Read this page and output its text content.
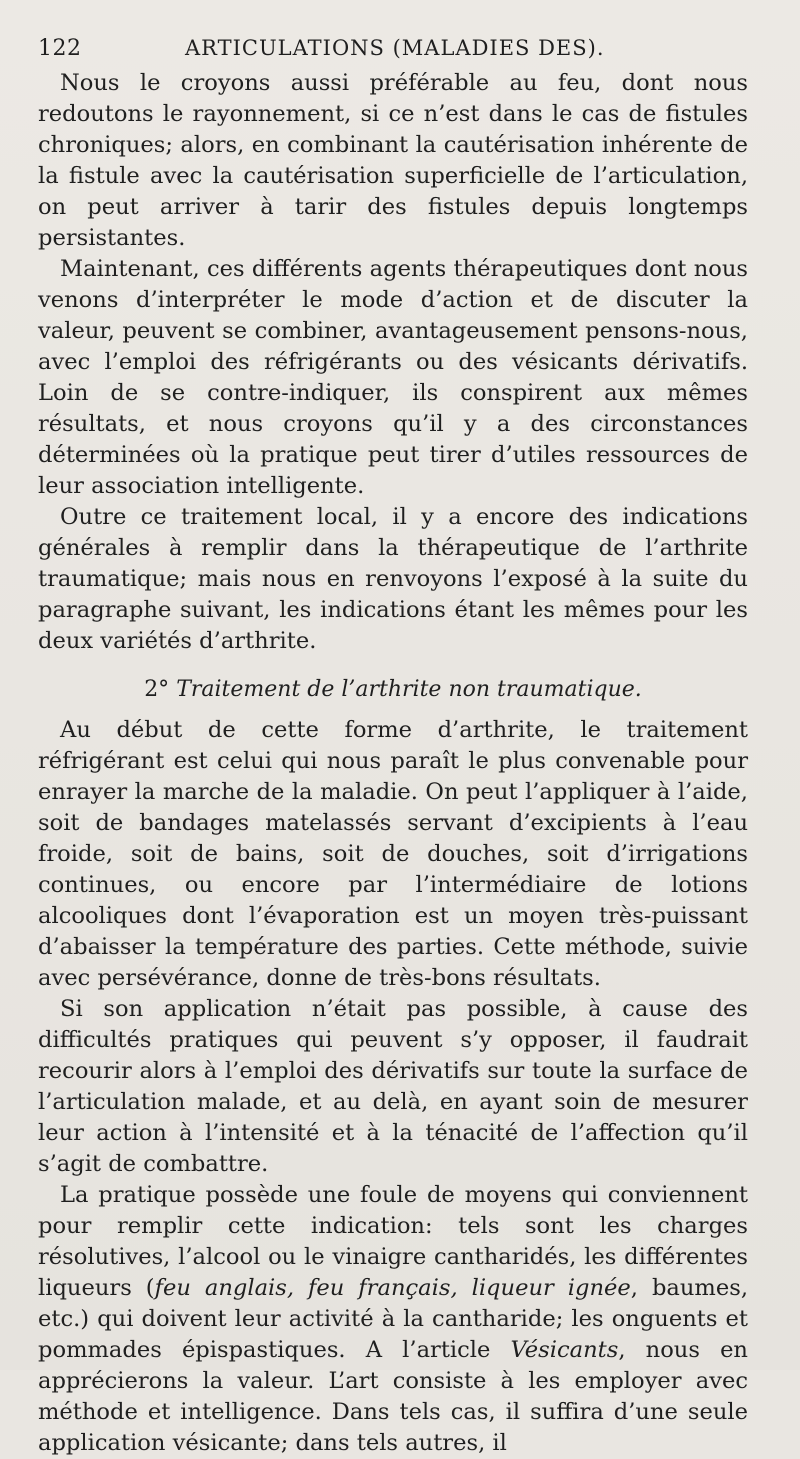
122	ARTICULATIONS (MALADIES DES).

Nous le croyons aussi préférable au feu, dont nous redoutons le rayonnement, si ce n’est dans le cas de fistules chroniques; alors, en combinant la cautérisation inhérente de la fistule avec la cautérisation superficielle de l’articulation, on peut arriver à tarir des fistules depuis longtemps persistantes.

Maintenant, ces différents agents thérapeutiques dont nous venons d’interpréter le mode d’action et de discuter la valeur, peuvent se combiner, avantageusement pensons-nous, avec l’emploi des réfrigérants ou des vésicants dérivatifs. Loin de se contre-indiquer, ils conspirent aux mêmes résultats, et nous croyons qu’il y a des circonstances déterminées où la pratique peut tirer d’utiles ressources de leur association intelligente.

Outre ce traitement local, il y a encore des indications générales à remplir dans la thérapeutique de l’arthrite traumatique; mais nous en renvoyons l’exposé à la suite du paragraphe suivant, les indications étant les mêmes pour les deux variétés d’arthrite.

2° Traitement de l’arthrite non traumatique.

Au début de cette forme d’arthrite, le traitement réfrigérant est celui qui nous paraît le plus convenable pour enrayer la marche de la maladie. On peut l’appliquer à l’aide, soit de bandages matelassés servant d’excipients à l’eau froide, soit de bains, soit de douches, soit d’irrigations continues, ou encore par l’intermédiaire de lotions alcooliques dont l’évaporation est un moyen très-puissant d’abaisser la température des parties. Cette méthode, suivie avec persévérance, donne de très-bons résultats.

Si son application n’était pas possible, à cause des difficultés pratiques qui peuvent s’y opposer, il faudrait recourir alors à l’emploi des dérivatifs sur toute la surface de l’articulation malade, et au delà, en ayant soin de mesurer leur action à l’intensité et à la ténacité de l’affection qu’il s’agit de combattre.

La pratique possède une foule de moyens qui conviennent pour remplir cette indication: tels sont les charges résolutives, l’alcool ou le vinaigre cantharidés, les différentes liqueurs (feu anglais, feu français, liqueur ignée, baumes, etc.) qui doivent leur activité à la cantharide; les onguents et pommades épispastiques. A l’article Vésicants, nous en apprécierons la valeur. L’art consiste à les employer avec méthode et intelligence. Dans tels cas, il suffira d’une seule application vésicante; dans tels autres, il
